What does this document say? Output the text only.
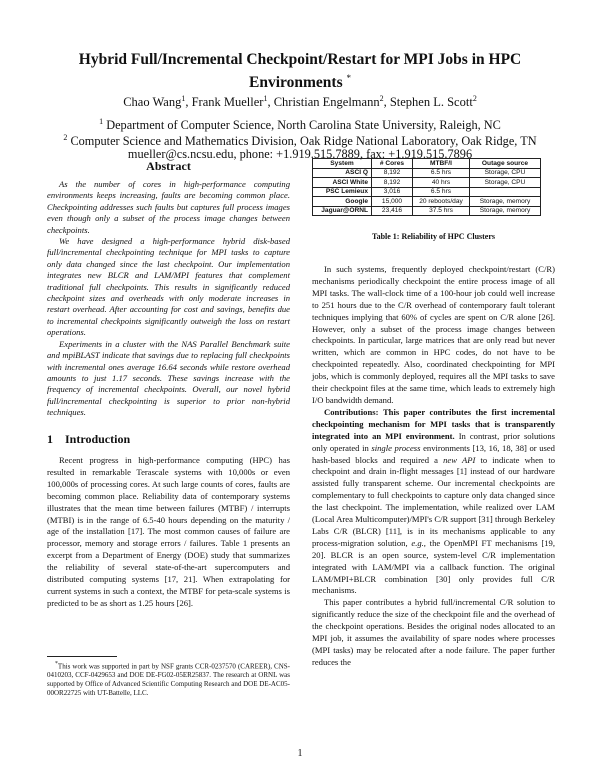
Hybrid Full/Incremental Checkpoint/Restart for MPI Jobs in HPC
Environments *
Chao Wang$^1$, Frank Mueller$^1$, Christian Engelmann$^2$, Stephen L. Scott$^2$
$^1$ Department of Computer Science, North Carolina State University, Raleigh, NC
$^2$ Computer Science and Mathematics Division, Oak Ridge National Laboratory, Oak Ridge, TN
mueller@cs.ncsu.edu, phone: +1.919.515.7889, fax: +1.919.515.7896
Abstract

As the number of cores in high-performance computing environments keeps increasing, faults are becoming common place. Checkpointing addresses such faults but captures full process images even though only a subset of the process image changes between checkpoints.

We have designed a high-performance hybrid disk-based full/incremental checkpointing technique for MPI tasks to capture only data changed since the last checkpoint. Our implementation integrates new BLCR and LAM/MPI features that complement traditional full checkpoints. This results in significantly reduced checkpoint sizes and overheads with only moderate increases in restart overhead. After accounting for cost and savings, benefits due to incremental checkpoints significantly outweigh the loss on restart operations.

Experiments in a cluster with the NAS Parallel Benchmark suite and mpiBLAST indicate that savings due to replacing full checkpoints with incremental ones average 16.64 seconds while restore overhead amounts to just 1.17 seconds. These savings increase with the frequency of incremental checkpoints. Overall, our novel hybrid full/incremental checkpointing is superior to prior non-hybrid techniques.

1 Introduction

Recent progress in high-performance computing (HPC) has resulted in remarkable Terascale systems with 10,000s or even 100,000s of processing cores. At such large counts of cores, faults are becoming common place. Reliability data of contemporary systems illustrates that the mean time between failures (MTBF) / interrupts (MTBI) is in the range of 6.5-40 hours depending on the maturity / age of the installation [17]. The most common causes of failure are processor, memory and storage errors / failures. Table 1 presents an excerpt from a Department of Energy (DOE) study that summarizes the reliability of several state-of-the-art supercomputers and distributed computing systems [17, 21]. When extrapolating for current systems in such a context, the MTBF for peta-scale systems is predicted to be as short as 1.25 hours [26].

*This work was supported in part by NSF grants CCR-0237570 (CAREER), CNS-0410203, CCF-0429653 and DOE DE-FG02-05ER25837. The research at ORNL was supported by Office of Advanced Scientific Computing Research and DOE DE-AC05-00OR22725 with UT-Battelle, LLC.
System	# Cores	MTBF/I	Outage source
ASCI Q	8,192	6.5 hrs	Storage, CPU
ASCI White	8,192	40 hrs	Storage, CPU
PSC Lemieux	3,016	6.5 hrs	
Google	15,000	20 reboots/day	Storage, memory
Jaguar@ORNL	23,416	37.5 hrs	Storage, memory
Table 1: Reliability of HPC Clusters

In such systems, frequently deployed checkpoint/restart (C/R) mechanisms periodically checkpoint the entire process image of all MPI tasks. The wall-clock time of a 100-hour job could well increase to 251 hours due to the C/R overhead of contemporary fault tolerant techniques implying that 60% of cycles are spent on C/R alone [26]. However, only a subset of the process image changes between checkpoints. In particular, large matrices that are only read but never written, which are common in HPC codes, do not have to be checkpointed repeatedly. Also, coordinated checkpointing for MPI jobs, which is commonly deployed, requires all the MPI tasks to save their checkpoint files at the same time, which leads to extremely high I/O bandwidth demand.

Contributions: This paper contributes the first incremental checkpointing mechanism for MPI tasks that is transparently integrated into an MPI environment. In contrast, prior solutions only operated in single process environments [13, 16, 18, 38] or used hash-based blocks and required a new API to indicate when to checkpoint and drain in-flight messages [1] instead of our hardware assisted fully transparent scheme. Our incremental checkpoints are complementary to full checkpoints to capture only data changed since the last checkpoint. The implementation, while realized over LAM (Local Area Multicomputer)/MPI's C/R support [31] through Berkeley Labs C/R (BLCR) [11], is in its mechanisms applicable to any process-migration solution, e.g., the OpenMPI FT mechanisms [19, 20]. BLCR is an open source, system-level C/R implementation integrated with LAM/MPI via a callback function. The original LAM/MPI+BLCR combination [30] only provides full C/R mechanisms.

This paper contributes a hybrid full/incremental C/R solution to significantly reduce the size of the checkpoint file and the overhead of the checkpoint operations. Besides the original nodes allocated to an MPI job, it assumes the availability of spare nodes where processes (MPI tasks) may be relocated after a node failure. The paper further reduces the

1
